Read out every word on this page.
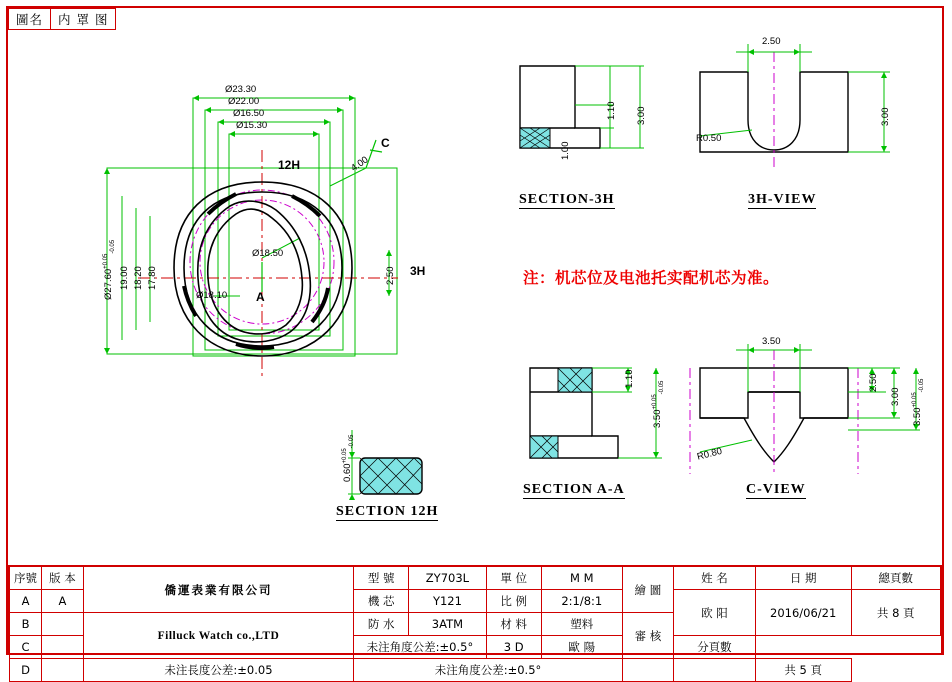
圖名	内 罩 图
Ø23.30
Ø22.00
Ø16.50
Ø15.30
$Ø27.60^{+0.05}_{-0.05}$
19.00 18.20 17.80
Ø18.10
Ø18.50
4.00
2.50
12H
3H
C
A
1.10 3.00
1.00
SECTION-3H
2.50
R0.50
3.00
3H-VIEW
注：机芯位及电池托实配机芯为准。
1.10
$3.50^{+0.05}_{-0.05}$
SECTION A-A
3.50
2.50
3.00
$3.50^{+0.05}_{-0.05}$
R0.80
C-VIEW
$0.60^{+0.05}_{-0.05}$
SECTION 12H
序號	版 本	僑運表業有限公司	型 號	ZY703L	單 位	M M	繪 圖	姓 名	日 期	總頁數
A	A		機 芯	Y121	比 例	2:1/8:1		欧 阳	2016/06/21	共 8 頁
B		Filluck Watch co.,LTD	防 水	3ATM	材 料	塑料	審 核			
C			未注角度公差:±0.5°		3 D	歐 陽		分頁數		
D		未注長度公差:±0.05	未注角度公差:±0.5°						共 5 頁	
